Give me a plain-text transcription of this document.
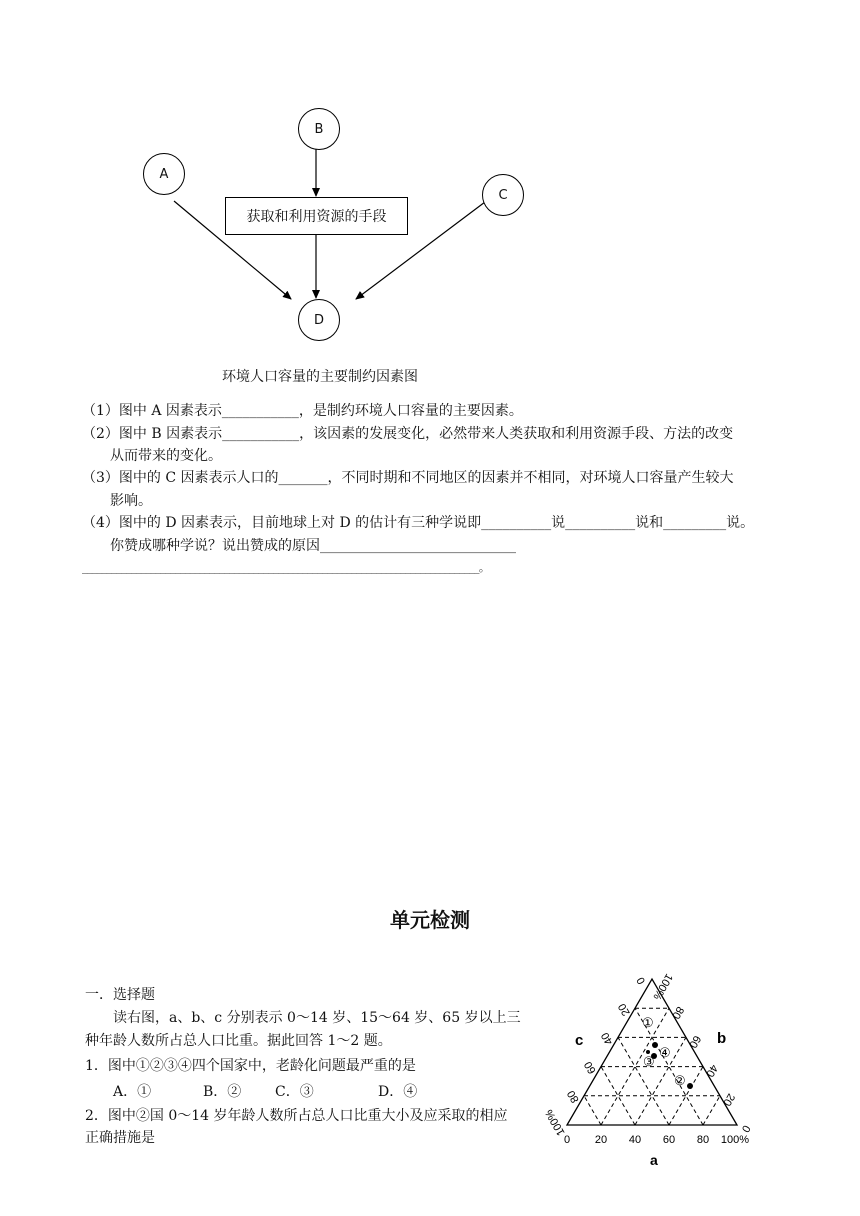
B
A
C
D
获取和利用资源的手段
环境人口容量的主要制约因素图
（1）图中 A 因素表示___________，是制约环境人口容量的主要因素。
（2）图中 B 因素表示___________，该因素的发展变化，必然带来人类获取和利用资源手段、方法的改变
从而带来的变化。
（3）图中的 C 因素表示人口的_______，不同时期和不同地区的因素并不相同，对环境人口容量产生较大
影响。
（4）图中的 D 因素表示，目前地球上对 D 的估计有三种学说即__________说__________说和_________说。
你赞成哪种学说？说出赞成的原因____________________________
_________________________________________________________________________________。
单元检测
一．选择题
读右图，a、b、c 分别表示 0～14 岁、15～64 岁、65 岁以上三
种年龄人数所占总人口比重。据此回答 1～2 题。
1．图中①②③④四个国家中，老龄化问题最严重的是
A．①	B．② C．③	D．④
2．图中②国 0～14 岁年龄人数所占总人口比重大小及应采取的相应
正确措施是
①
④
③
②
0 20 40 60 80 100%
0
20
40
60
80
100%
0
20
40
60
80
100%
c	b
a
